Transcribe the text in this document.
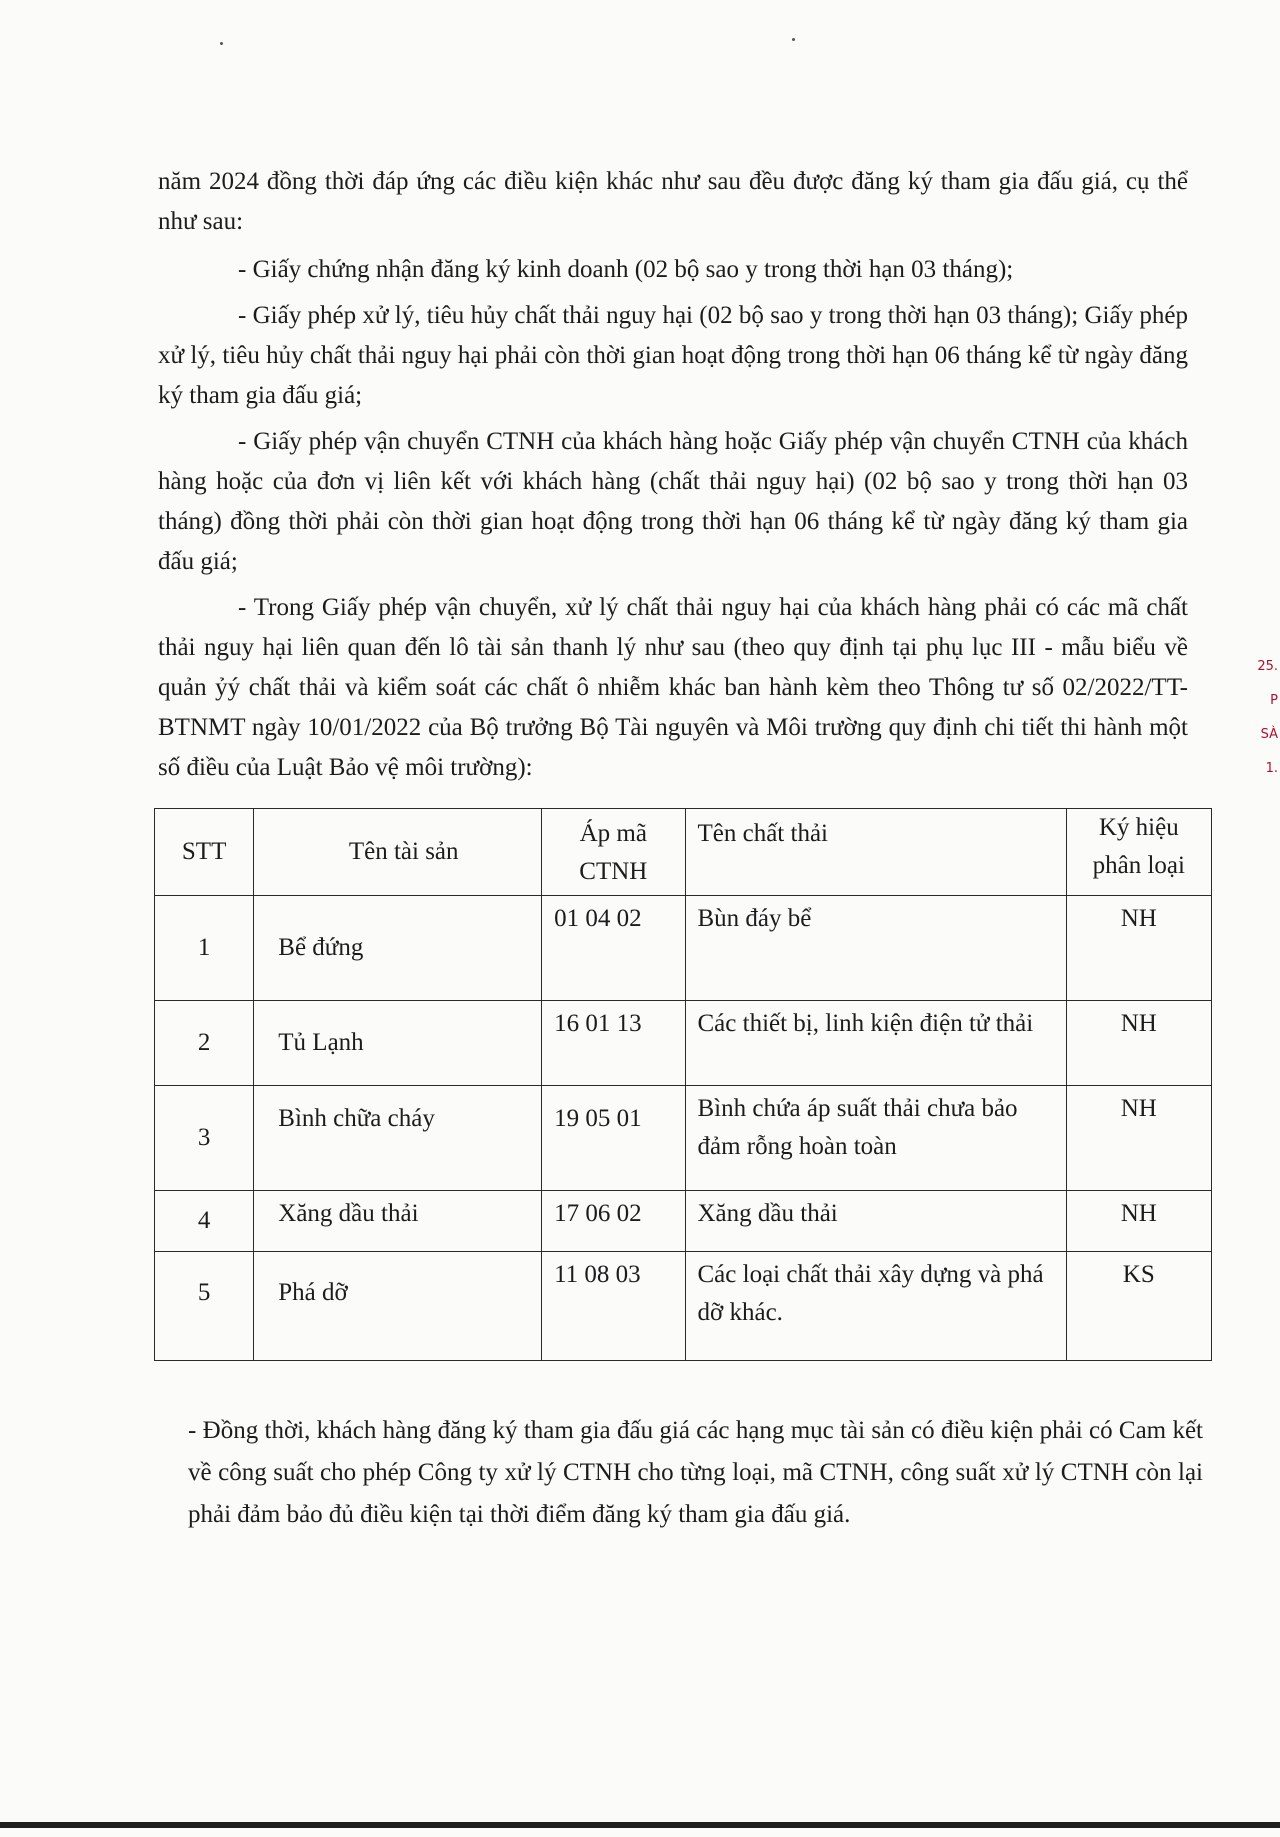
năm 2024 đồng thời đáp ứng các điều kiện khác như sau đều được đăng ký tham gia đấu giá, cụ thể như sau:

- Giấy chứng nhận đăng ký kinh doanh (02 bộ sao y trong thời hạn 03 tháng);

- Giấy phép xử lý, tiêu hủy chất thải nguy hại (02 bộ sao y trong thời hạn 03 tháng); Giấy phép xử lý, tiêu hủy chất thải nguy hại phải còn thời gian hoạt động trong thời hạn 06 tháng kể từ ngày đăng ký tham gia đấu giá;

- Giấy phép vận chuyển CTNH của khách hàng hoặc Giấy phép vận chuyển CTNH của khách hàng hoặc của đơn vị liên kết với khách hàng (chất thải nguy hại) (02 bộ sao y trong thời hạn 03 tháng) đồng thời phải còn thời gian hoạt động trong thời hạn 06 tháng kể từ ngày đăng ký tham gia đấu giá;

- Trong Giấy phép vận chuyển, xử lý chất thải nguy hại của khách hàng phải có các mã chất thải nguy hại liên quan đến lô tài sản thanh lý như sau (theo quy định tại phụ lục III - mẫu biểu về quản ỷý chất thải và kiểm soát các chất ô nhiễm khác ban hành kèm theo Thông tư số 02/2022/TT-BTNMT ngày 10/01/2022 của Bộ trưởng Bộ Tài nguyên và Môi trường quy định chi tiết thi hành một số điều của Luật Bảo vệ môi trường):

STT	Tên tài sản	Áp mã CTNH	Tên chất thải	Ký hiệu phân loại
1	Bể đứng	01 04 02	Bùn đáy bể	NH
2	Tủ Lạnh	16 01 13	Các thiết bị, linh kiện điện tử thải	NH
3	Bình chữa cháy	19 05 01	Bình chứa áp suất thải chưa bảo đảm rỗng hoàn toàn	NH
4	Xăng dầu thải	17 06 02	Xăng dầu thải	NH
5	Phá dỡ	11 08 03	Các loại chất thải xây dựng và phá dỡ khác.	KS

- Đồng thời, khách hàng đăng ký tham gia đấu giá các hạng mục tài sản có điều kiện phải có Cam kết về công suất cho phép Công ty xử lý CTNH cho từng loại, mã CTNH, công suất xử lý CTNH còn lại phải đảm bảo đủ điều kiện tại thời điểm đăng ký tham gia đấu giá.

25.
P
SÀ
1.
